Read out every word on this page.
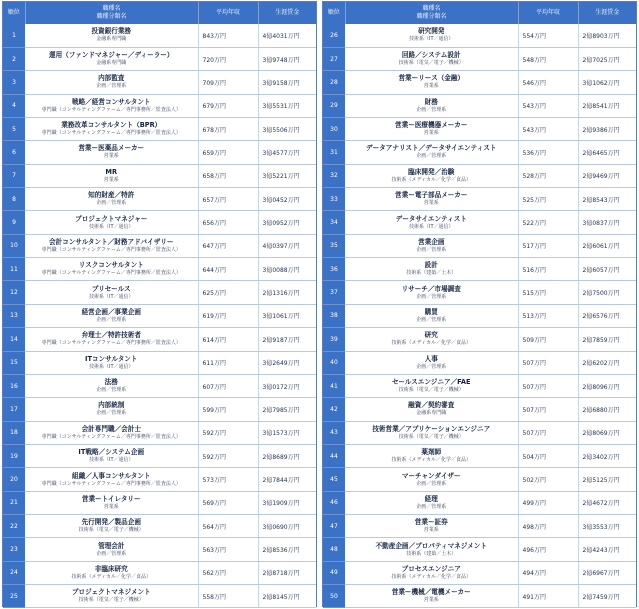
順位	職種名
職種分類名	平均年収	生涯賃金
1	投資銀行業務
金融系専門職	843万円	4億4031万円
2	運用（ファンドマネジャー／ディーラー）
金融系専門職	720万円	3億9748万円
3	内部監査
企画／管理系	709万円	3億9158万円
4	戦略／経営コンサルタント
専門職（コンサルティングファーム／専門事務所／監査法人）	679万円	3億5531万円
5	業務改革コンサルタント（BPR）
専門職（コンサルティングファーム／専門事務所／監査法人）	678万円	3億5506万円
6	営業ー医薬品メーカー
営業系	659万円	3億4577万円
7	MR
営業系	658万円	3億5221万円
8	知的財産／特許
企画／管理系	657万円	3億0452万円
9	プロジェクトマネジャー
技術系（IT／通信）	656万円	3億0952万円
10	会計コンサルタント／財務アドバイザリー
専門職（コンサルティングファーム／専門事務所／監査法人）	647万円	4億0397万円
11	リスクコンサルタント
専門職（コンサルティングファーム／専門事務所／監査法人）	644万円	3億0088万円
12	プリセールス
技術系（IT／通信）	625万円	2億1316万円
13	経営企画／事業企画
企画／管理系	619万円	3億1061万円
14	弁理士／特許技術者
専門職（コンサルティングファーム／専門事務所／監査法人）	614万円	2億9187万円
15	ITコンサルタント
技術系（IT／通信）	611万円	3億2649万円
16	法務
企画／管理系	607万円	3億0172万円
17	内部統制
企画／管理系	599万円	2億7985万円
18	会計専門職／会計士
専門職（コンサルティングファーム／専門事務所／監査法人）	592万円	3億1573万円
19	IT戦略／システム企画
技術系（IT／通信）	592万円	2億8689万円
20	組織／人事コンサルタント
専門職（コンサルティングファーム／専門事務所／監査法人）	573万円	2億7844万円
21	営業ートイレタリー
営業系	569万円	3億1909万円
22	先行開発／製品企画
技術系（電気／電子／機械）	564万円	3億0690万円
23	管理会計
企画／管理系	563万円	2億8536万円
24	非臨床研究
技術系（メディカル／化学／食品）	562万円	2億8718万円
25	プロジェクトマネジメント
技術系（電気／電子／機械）	558万円	2億8145万円
順位	職種名
職種分類名	平均年収	生涯賃金
26	研究開発
技術系（IT／通信）	554万円	2億8903万円
27	回路／システム設計
技術系（電気／電子／機械）	548万円	2億7025万円
28	営業ーリース（金融）
営業系	546万円	3億1062万円
29	財務
企画／管理系	543万円	2億8541万円
30	営業ー医療機器メーカー
営業系	543万円	2億9386万円
31	データアナリスト／データサイエンティスト
企画／管理系	536万円	2億6465万円
32	臨床開発／治験
技術系（メディカル／化学／食品）	528万円	2億9469万円
33	営業ー電子部品メーカー
営業系	525万円	2億8543万円
34	データサイエンティスト
技術系（IT／通信）	522万円	3億0837万円
35	営業企画
企画／管理系	517万円	2億6061万円
36	設計
技術系（建築／土木）	516万円	2億6057万円
37	リサーチ／市場調査
企画／管理系	515万円	2億7500万円
38	購買
企画／管理系	513万円	2億6576万円
39	研究
技術系（メディカル／化学／食品）	509万円	2億7859万円
40	人事
企画／管理系	507万円	2億6202万円
41	セールスエンジニア／FAE
技術系（電気／電子／機械）	507万円	2億8096万円
42	融資／契約審査
金融系専門職	507万円	2億6880万円
43	技術営業／アプリケーションエンジニア
技術系（電気／電子／機械）	507万円	2億8069万円
44	薬剤師
技術系（メディカル／化学／食品）	504万円	2億3402万円
45	マーチャンダイザー
企画／管理系	502万円	2億5125万円
46	経理
企画／管理系	499万円	2億4672万円
47	営業ー証券
営業系	498万円	3億3553万円
48	不動産企画／プロパティマネジメント
技術系（建築／土木）	496万円	2億4243万円
49	プロセスエンジニア
技術系（メディカル／化学／食品）	494万円	2億6967万円
50	営業ー機械／電機メーカー
営業系	491万円	2億7459万円
